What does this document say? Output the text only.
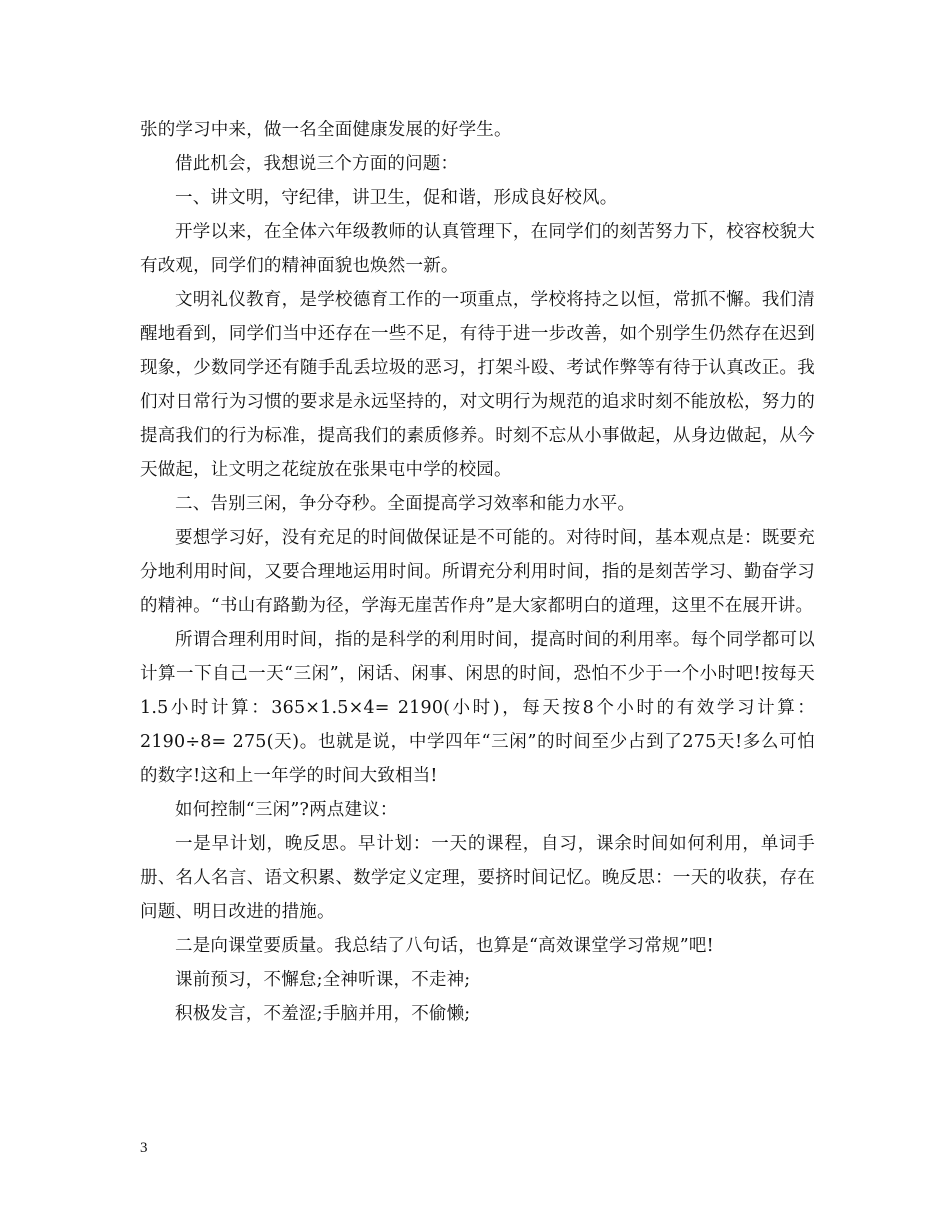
张的学习中来，做一名全面健康发展的好学生。

借此机会，我想说三个方面的问题：

一、讲文明，守纪律，讲卫生，促和谐，形成良好校风。

开学以来，在全体六年级教师的认真管理下，在同学们的刻苦努力下，校容校貌大有改观，同学们的精神面貌也焕然一新。

文明礼仪教育，是学校德育工作的一项重点，学校将持之以恒，常抓不懈。我们清醒地看到，同学们当中还存在一些不足，有待于进一步改善，如个别学生仍然存在迟到现象，少数同学还有随手乱丢垃圾的恶习，打架斗殴、考试作弊等有待于认真改正。我们对日常行为习惯的要求是永远坚持的，对文明行为规范的追求时刻不能放松，努力的提高我们的行为标准，提高我们的素质修养。时刻不忘从小事做起，从身边做起，从今天做起，让文明之花绽放在张果屯中学的校园。

二、告别三闲，争分夺秒。全面提高学习效率和能力水平。

要想学习好，没有充足的时间做保证是不可能的。对待时间，基本观点是：既要充分地利用时间，又要合理地运用时间。所谓充分利用时间，指的是刻苦学习、勤奋学习的精神。“书山有路勤为径，学海无崖苦作舟”是大家都明白的道理，这里不在展开讲。

所谓合理利用时间，指的是科学的利用时间，提高时间的利用率。每个同学都可以计算一下自己一天“三闲”，闲话、闲事、闲思的时间，恐怕不少于一个小时吧!按每天1.5小时计算：365×1.5×4= 2190(小时)，每天按8个小时的有效学习计算：2190÷8= 275(天)。也就是说，中学四年“三闲”的时间至少占到了275天!多么可怕的数字!这和上一年学的时间大致相当!

如何控制“三闲”?两点建议：

一是早计划，晚反思。早计划：一天的课程，自习，课余时间如何利用，单词手册、名人名言、语文积累、数学定义定理，要挤时间记忆。晚反思：一天的收获，存在问题、明日改进的措施。

二是向课堂要质量。我总结了八句话，也算是“高效课堂学习常规”吧!

课前预习，不懈怠;全神听课，不走神;

积极发言，不羞涩;手脑并用，不偷懒;

3
